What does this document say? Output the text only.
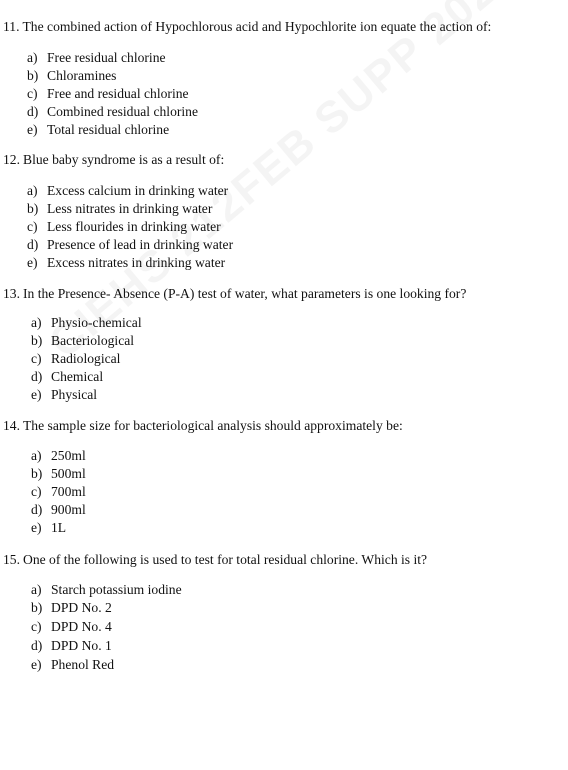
11. The combined action of Hypochlorous acid and Hypochlorite ion equate the action of:
a) Free residual chlorine
b) Chloramines
c) Free and residual chlorine
d) Combined residual chlorine
e) Total residual chlorine
12. Blue baby syndrome is as a result of:
a) Excess calcium in drinking water
b) Less nitrates in drinking water
c) Less flourides in drinking water
d) Presence of lead in drinking water
e) Excess nitrates in drinking water
13. In the Presence- Absence (P-A) test of water, what parameters is one looking for?
a) Physio-chemical
b) Bacteriological
c) Radiological
d) Chemical
e) Physical
14. The sample size for bacteriological analysis should approximately be:
a) 250ml
b) 500ml
c) 700ml
d) 900ml
e) 1L
15. One of the following is used to test for total residual chlorine. Which is it?
a) Starch potassium iodine
b) DPD No. 2
c) DPD No. 4
d) DPD No. 1
e) Phenol Red
